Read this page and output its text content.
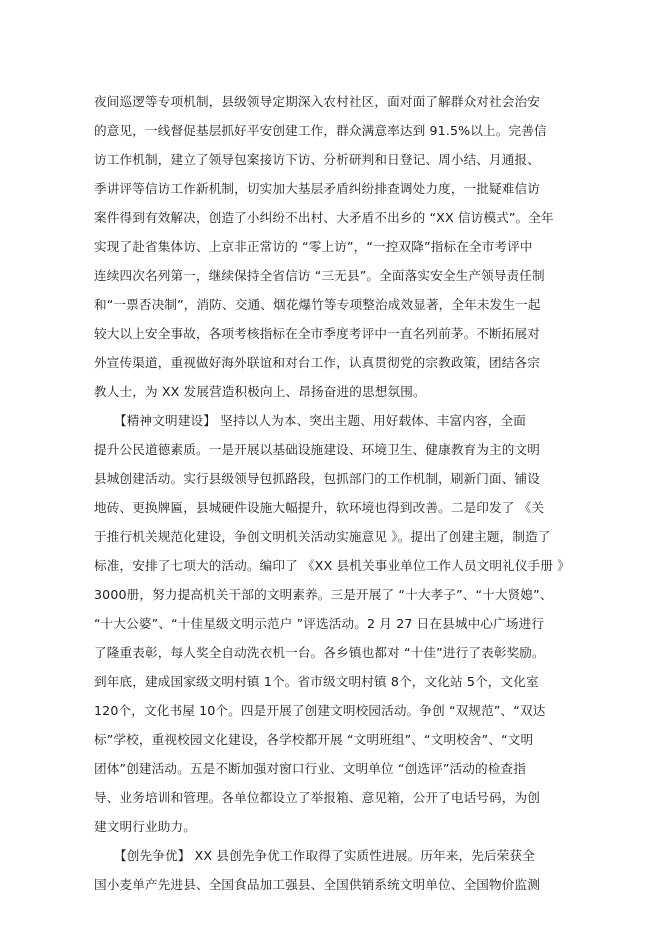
夜间巡逻等专项机制，县级领导定期深入农村社区，面对面了解群众对社会治安
的意见，一线督促基层抓好平安创建工作，群众满意率达到 91.5%以上。完善信
访工作机制，建立了领导包案接访下访、分析研判和日登记、周小结、月通报、
季讲评等信访工作新机制，切实加大基层矛盾纠纷排查调处力度，一批疑难信访
案件得到有效解决，创造了小纠纷不出村、大矛盾不出乡的 “XX 信访模式”。全年
实现了赴省集体访、上京非正常访的 “零上访”，“一控双降”指标在全市考评中
连续四次名列第一，继续保持全省信访 “三无县”。全面落实安全生产领导责任制
和“一票否决制”，消防、交通、烟花爆竹等专项整治成效显著，全年未发生一起
较大以上安全事故，各项考核指标在全市季度考评中一直名列前茅。不断拓展对
外宣传渠道，重视做好海外联谊和对台工作，认真贯彻党的宗教政策，团结各宗
教人士，为 XX 发展营造积极向上、昂扬奋进的思想氛围。
【精神文明建设】 坚持以人为本、突出主题、用好载体、丰富内容，全面
提升公民道德素质。一是开展以基础设施建设、环境卫生、健康教育为主的文明
县城创建活动。实行县级领导包抓路段，包抓部门的工作机制，刷新门面、铺设
地砖、更换牌匾，县城硬件设施大幅提升，软环境也得到改善。二是印发了 《关
于推行机关规范化建设，争创文明机关活动实施意见 》。提出了创建主题，制造了
标准，安排了七项大的活动。编印了 《XX 县机关事业单位工作人员文明礼仪手册 》
3000册，努力提高机关干部的文明素养。三是开展了 “十大孝子”、“十大贤媳”、
“十大公婆”、“十佳星级文明示范户 ”评选活动。2 月 27 日在县城中心广场进行
了隆重表彰，每人奖全自动洗衣机一台。各乡镇也都对 “十佳”进行了表彰奖励。
到年底，建成国家级文明村镇 1个。省市级文明村镇 8个，文化站 5个，文化室
120个，文化书屋 10个。四是开展了创建文明校园活动。争创 “双规范”、“双达
标”学校，重视校园文化建设，各学校都开展 “文明班组”、“文明校舍”、“文明
团体”创建活动。五是不断加强对窗口行业、文明单位 “创选评”活动的检查指
导、业务培训和管理。各单位都设立了举报箱、意见箱，公开了电话号码，为创
建文明行业助力。
【创先争优】 XX 县创先争优工作取得了实质性进展。历年来，先后荣获全
国小麦单产先进县、全国食品加工强县、全国供销系统文明单位、全国物价监测
